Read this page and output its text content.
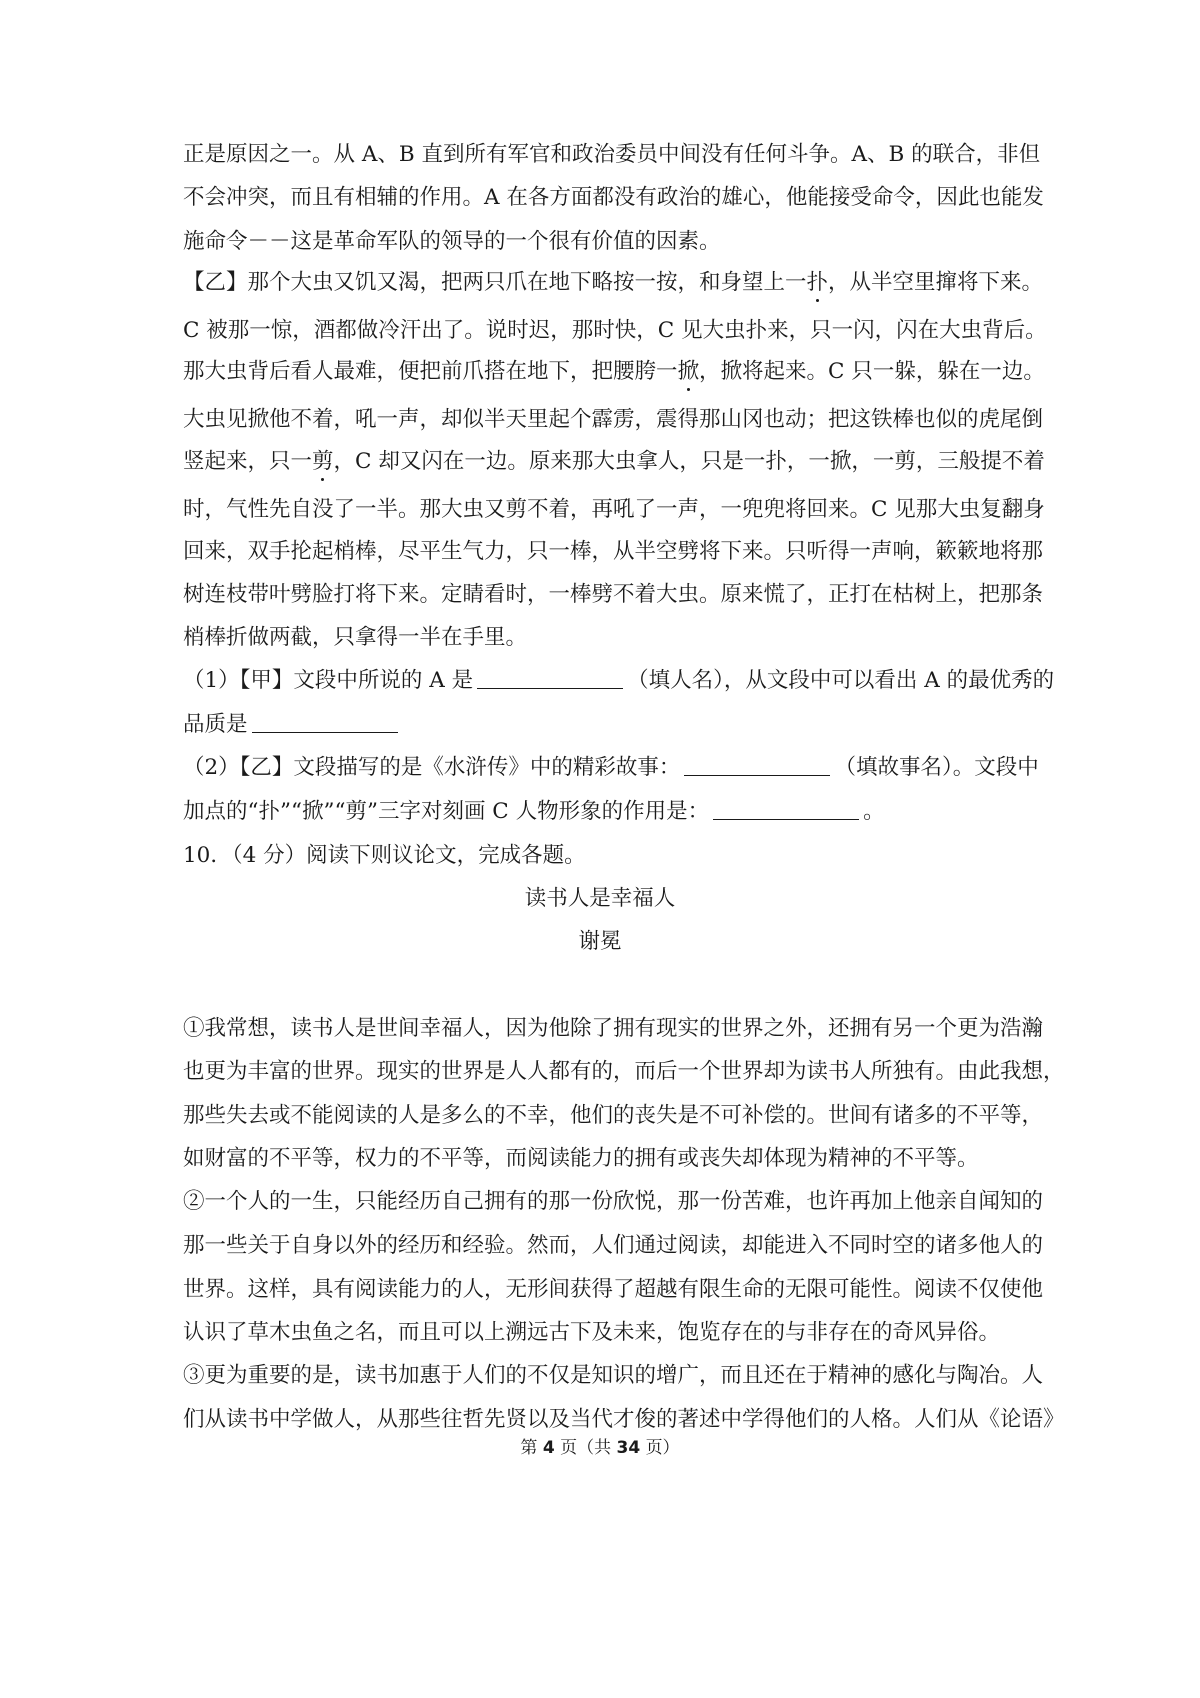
正是原因之一。从 A、B 直到所有军官和政治委员中间没有任何斗争。A、B 的联合，非但
不会冲突，而且有相辅的作用。A 在各方面都没有政治的雄心，他能接受命令，因此也能发
施命令－－这是革命军队的领导的一个很有价值的因素。
【乙】那个大虫又饥又渴，把两只爪在地下略按一按，和身望上一扑，从半空里撺将下来。
C 被那一惊，酒都做冷汗出了。说时迟，那时快，C 见大虫扑来，只一闪，闪在大虫背后。
那大虫背后看人最难，便把前爪搭在地下，把腰胯一掀，掀将起来。C 只一躲，躲在一边。
大虫见掀他不着，吼一声，却似半天里起个霹雳，震得那山冈也动；把这铁棒也似的虎尾倒
竖起来，只一剪，C 却又闪在一边。原来那大虫拿人，只是一扑，一掀，一剪，三般提不着
时，气性先自没了一半。那大虫又剪不着，再吼了一声，一兜兜将回来。C 见那大虫复翻身
回来，双手抡起梢棒，尽平生气力，只一棒，从半空劈将下来。只听得一声响，簌簌地将那
树连枝带叶劈脸打将下来。定睛看时，一棒劈不着大虫。原来慌了，正打在枯树上，把那条
梢棒折做两截，只拿得一半在手里。
（1）【甲】文段中所说的 A 是	（填人名），从文段中可以看出 A 的最优秀的
品质是
（2）【乙】文段描写的是《水浒传》中的精彩故事：	（填故事名）。文段中
加点的“扑”“掀”“剪”三字对刻画 C 人物形象的作用是：	。
10．（4 分）阅读下则议论文，完成各题。
读书人是幸福人
谢冕
①我常想，读书人是世间幸福人，因为他除了拥有现实的世界之外，还拥有另一个更为浩瀚
也更为丰富的世界。现实的世界是人人都有的，而后一个世界却为读书人所独有。由此我想，
那些失去或不能阅读的人是多么的不幸，他们的丧失是不可补偿的。世间有诸多的不平等，
如财富的不平等，权力的不平等，而阅读能力的拥有或丧失却体现为精神的不平等。
②一个人的一生，只能经历自己拥有的那一份欣悦，那一份苦难，也许再加上他亲自闻知的
那一些关于自身以外的经历和经验。然而，人们通过阅读，却能进入不同时空的诸多他人的
世界。这样，具有阅读能力的人，无形间获得了超越有限生命的无限可能性。阅读不仅使他
认识了草木虫鱼之名，而且可以上溯远古下及未来，饱览存在的与非存在的奇风异俗。
③更为重要的是，读书加惠于人们的不仅是知识的增广，而且还在于精神的感化与陶冶。人
们从读书中学做人，从那些往哲先贤以及当代才俊的著述中学得他们的人格。人们从《论语》
第 4 页（共 34 页）
